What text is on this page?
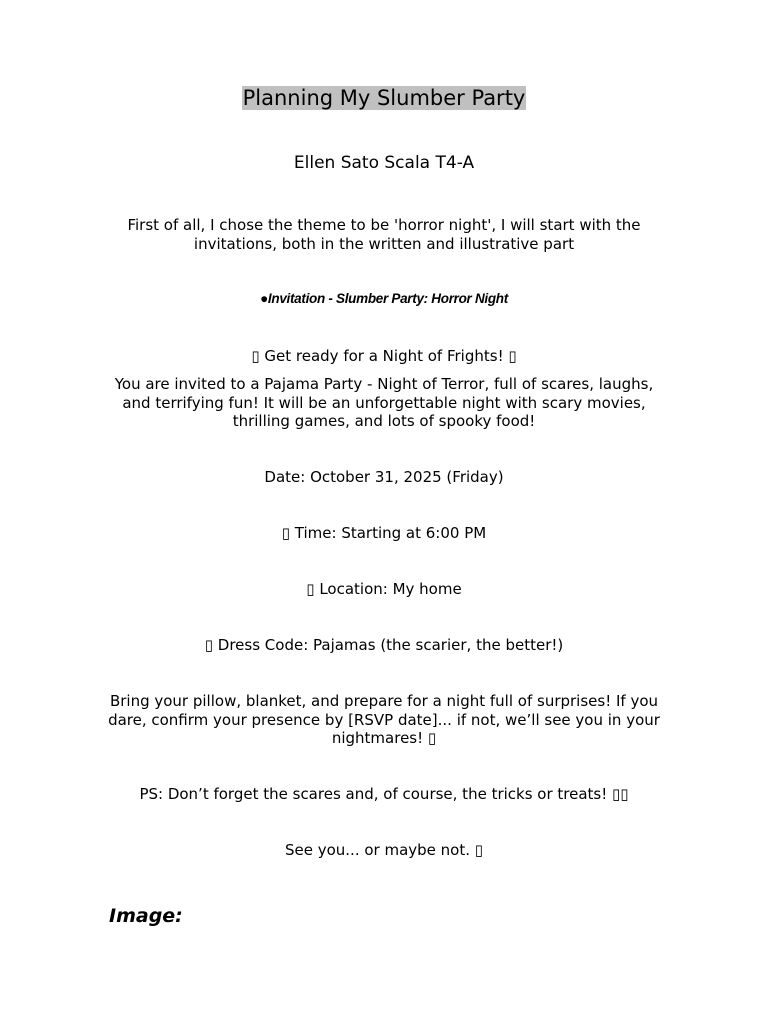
Planning My Slumber Party
Ellen Sato Scala T4-A
First of all, I chose the theme to be 'horror night', I will start with the invitations, both in the written and illustrative part
●Invitation - Slumber Party: Horror Night
▯ Get ready for a Night of Frights! ▯
You are invited to a Pajama Party - Night of Terror, full of scares, laughs, and terrifying fun! It will be an unforgettable night with scary movies, thrilling games, and lots of spooky food!
Date: October 31, 2025 (Friday)
▯ Time: Starting at 6:00 PM
▯ Location: My home
▯ Dress Code: Pajamas (the scarier, the better!)
Bring your pillow, blanket, and prepare for a night full of surprises! If you dare, confirm your presence by [RSVP date]... if not, we’ll see you in your nightmares! ▯
PS: Don’t forget the scares and, of course, the tricks or treats! ▯▯
See you... or maybe not. ▯
Image:
